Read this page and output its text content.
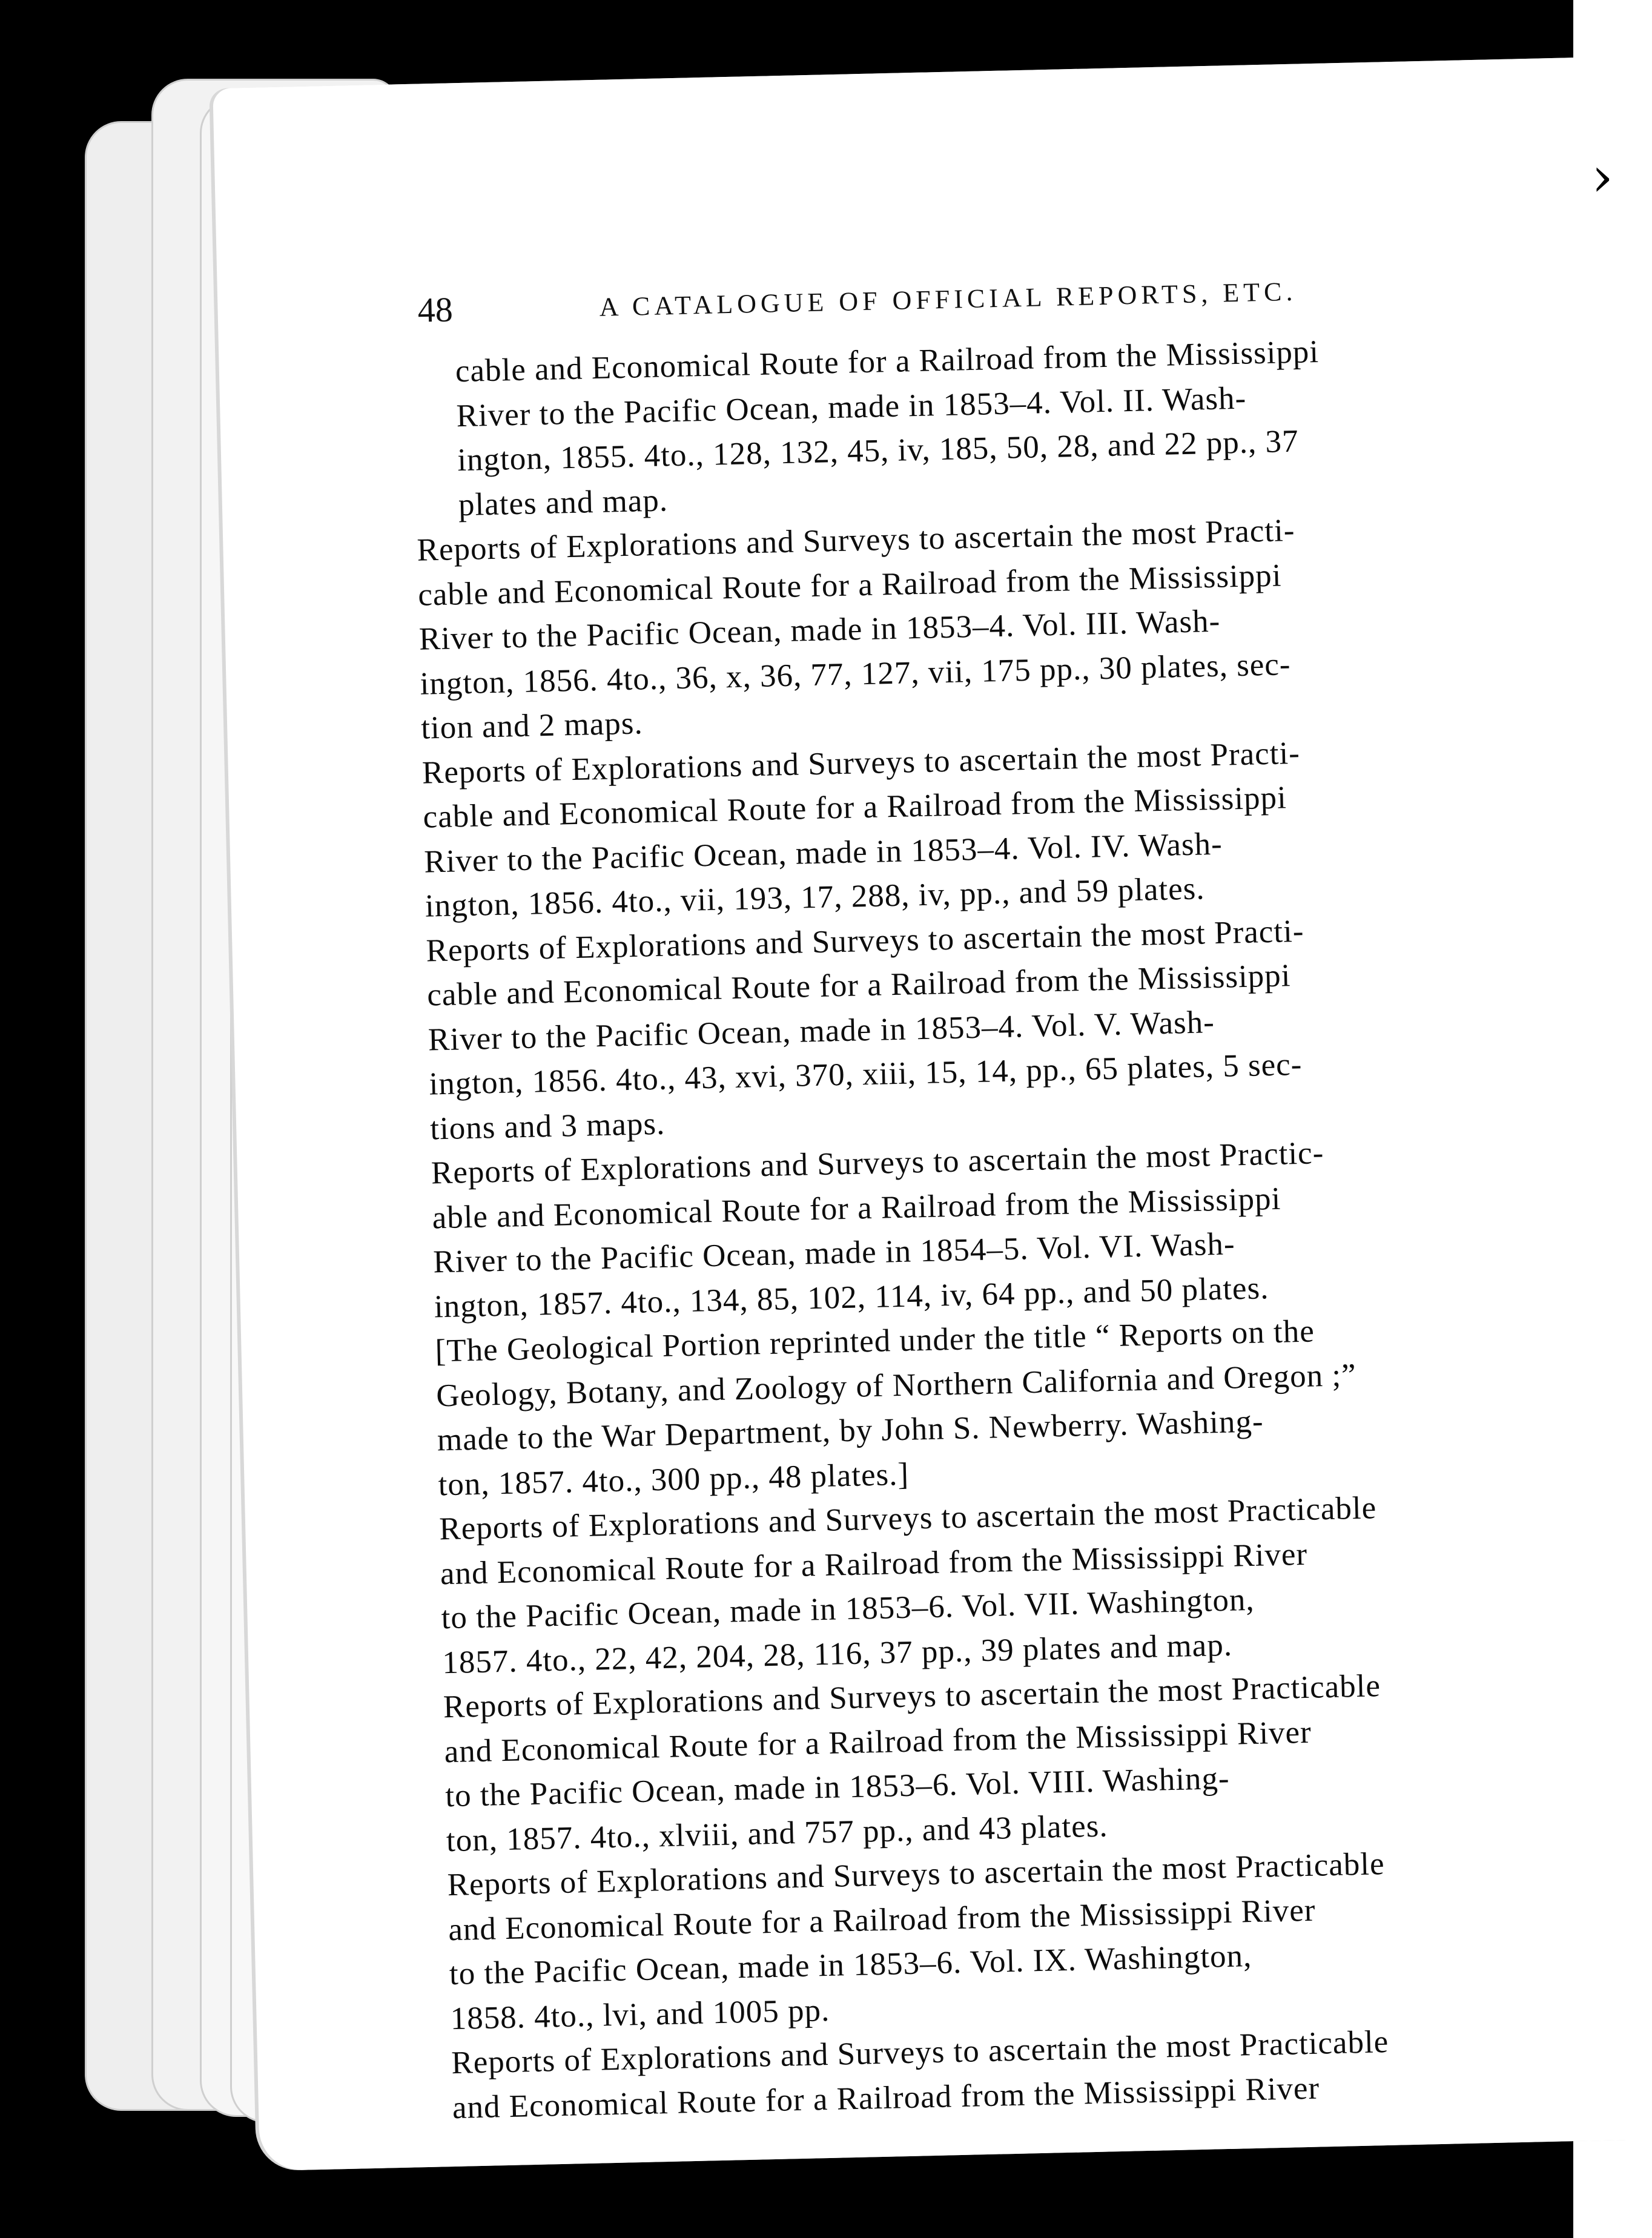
›
48	A CATALOGUE OF OFFICIAL REPORTS, ETC.

cable and Economical Route for a Railroad from the Mississippi
River to the Pacific Ocean, made in 1853–4. Vol. II. Wash-
ington, 1855. 4to., 128, 132, 45, iv, 185, 50, 28, and 22 pp., 37
plates and map.

Reports of Explorations and Surveys to ascertain the most Practi-
cable and Economical Route for a Railroad from the Mississippi
River to the Pacific Ocean, made in 1853–4. Vol. III. Wash-
ington, 1856. 4to., 36, x, 36, 77, 127, vii, 175 pp., 30 plates, sec-
tion and 2 maps.

Reports of Explorations and Surveys to ascertain the most Practi-
cable and Economical Route for a Railroad from the Mississippi
River to the Pacific Ocean, made in 1853–4. Vol. IV. Wash-
ington, 1856. 4to., vii, 193, 17, 288, iv, pp., and 59 plates.

Reports of Explorations and Surveys to ascertain the most Practi-
cable and Economical Route for a Railroad from the Mississippi
River to the Pacific Ocean, made in 1853–4. Vol. V. Wash-
ington, 1856. 4to., 43, xvi, 370, xiii, 15, 14, pp., 65 plates, 5 sec-
tions and 3 maps.

Reports of Explorations and Surveys to ascertain the most Practic-
able and Economical Route for a Railroad from the Mississippi
River to the Pacific Ocean, made in 1854–5. Vol. VI. Wash-
ington, 1857. 4to., 134, 85, 102, 114, iv, 64 pp., and 50 plates.

[The Geological Portion reprinted under the title “ Reports on the
Geology, Botany, and Zoology of Northern California and Oregon ;”
made to the War Department, by John S. Newberry. Washing-
ton, 1857. 4to., 300 pp., 48 plates.]

Reports of Explorations and Surveys to ascertain the most Practicable
and Economical Route for a Railroad from the Mississippi River
to the Pacific Ocean, made in 1853–6. Vol. VII. Washington,
1857. 4to., 22, 42, 204, 28, 116, 37 pp., 39 plates and map.

Reports of Explorations and Surveys to ascertain the most Practicable
and Economical Route for a Railroad from the Mississippi River
to the Pacific Ocean, made in 1853–6. Vol. VIII. Washing-
ton, 1857. 4to., xlviii, and 757 pp., and 43 plates.

Reports of Explorations and Surveys to ascertain the most Practicable
and Economical Route for a Railroad from the Mississippi River
to the Pacific Ocean, made in 1853–6. Vol. IX. Washington,
1858. 4to., lvi, and 1005 pp.

Reports of Explorations and Surveys to ascertain the most Practicable
and Economical Route for a Railroad from the Mississippi River
